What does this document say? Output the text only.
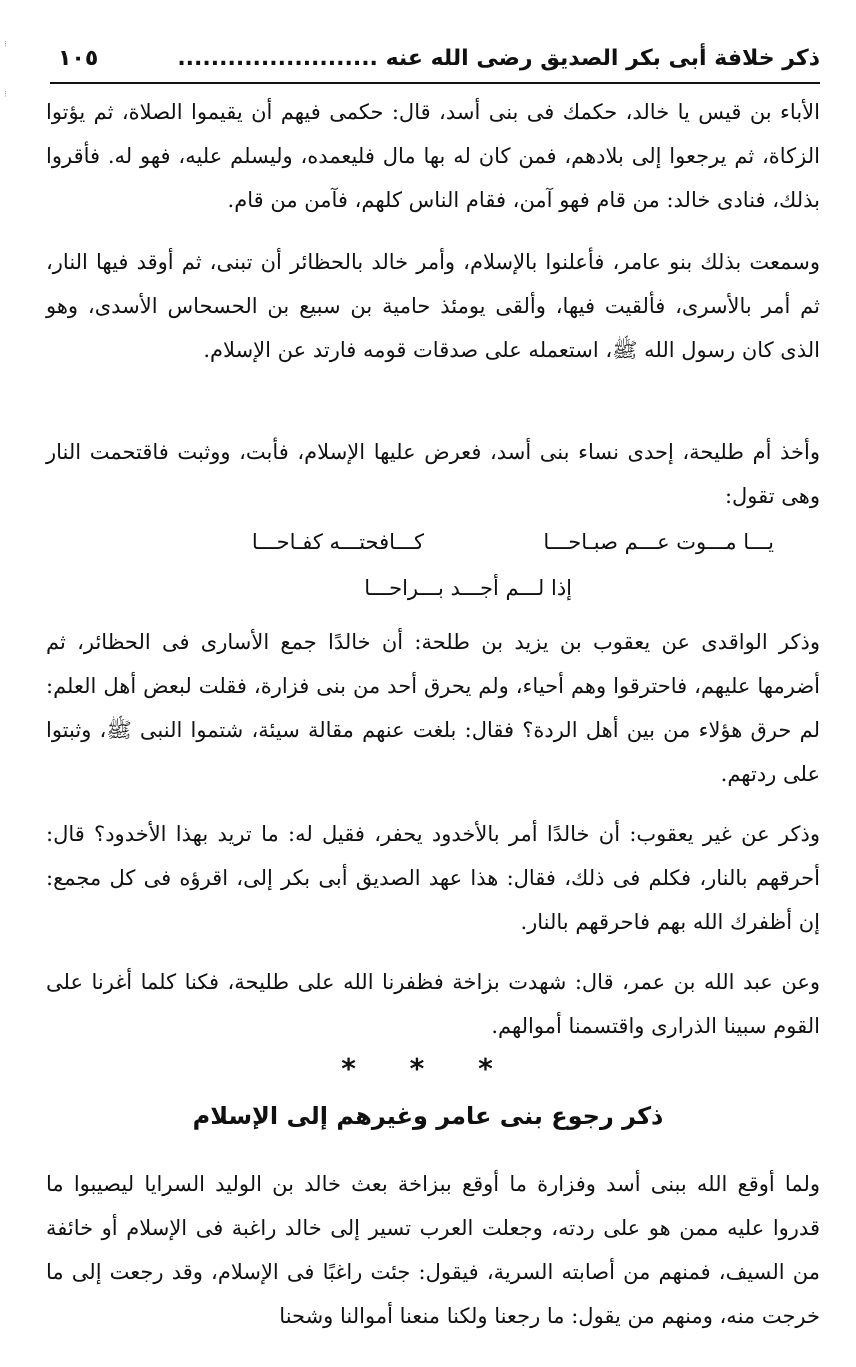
⁝
⁝
ذكر خلافة أبى بكر الصديق رضى الله عنه ........................
١٠٥

الأباء بن قيس يا خالد، حكمك فى بنى أسد، قال: حكمى فيهم أن يقيموا الصلاة، ثم يؤتوا الزكاة، ثم يرجعوا إلى بلادهم، فمن كان له بها مال فليعمده، وليسلم عليه، فهو له. فأقروا بذلك، فنادى خالد: من قام فهو آمن، فقام الناس كلهم، فآمن من قام.

وسمعت بذلك بنو عامر، فأعلنوا بالإسلام، وأمر خالد بالحظائر أن تبنى، ثم أوقد فيها النار، ثم أمر بالأسرى، فألقيت فيها، وألقى يومئذ حامية بن سبيع بن الحسحاس الأسدى، وهو الذى كان رسول الله ﷺ، استعمله على صدقات قومه فارتد عن الإسلام.

وأخذ أم طليحة، إحدى نساء بنى أسد، فعرض عليها الإسلام، فأبت، ووثبت فاقتحمت النار وهى تقول:

يـــا مـــوت عـــم صبـاحـــا
كـــافحتـــه كفـاحـــا
إذا لـــم أجـــد بـــراحـــا

وذكر الواقدى عن يعقوب بن يزيد بن طلحة: أن خالدًا جمع الأسارى فى الحظائر، ثم أضرمها عليهم، فاحترقوا وهم أحياء، ولم يحرق أحد من بنى فزارة، فقلت لبعض أهل العلم: لم حرق هؤلاء من بين أهل الردة؟ فقال: بلغت عنهم مقالة سيئة، شتموا النبى ﷺ، وثبتوا على ردتهم.

وذكر عن غير يعقوب: أن خالدًا أمر بالأخدود يحفر، فقيل له: ما تريد بهذا الأخدود؟ قال: أحرقهم بالنار، فكلم فى ذلك، فقال: هذا عهد الصديق أبى بكر إلى، اقرؤه فى كل مجمع: إن أظفرك الله بهم فاحرقهم بالنار.

وعن عبد الله بن عمر، قال: شهدت بزاخة فظفرنا الله على طليحة، فكنا كلما أغرنا على القوم سبينا الذرارى واقتسمنا أموالهم.

* * *
ذكر رجوع بنى عامر وغيرهم إلى الإسلام

ولما أوقع الله ببنى أسد وفزارة ما أوقع ببزاخة بعث خالد بن الوليد السرايا ليصيبوا ما قدروا عليه ممن هو على ردته، وجعلت العرب تسير إلى خالد راغبة فى الإسلام أو خائفة من السيف، فمنهم من أصابته السرية، فيقول: جئت راغبًا فى الإسلام، وقد رجعت إلى ما خرجت منه، ومنهم من يقول: ما رجعنا ولكنا منعنا أموالنا وشحنا
